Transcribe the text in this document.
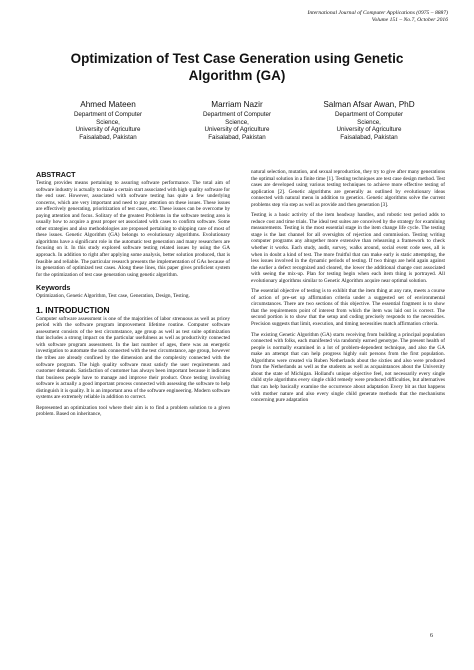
International Journal of Computer Applications (0975 – 8887)
Volume 151 – No.7, October 2016
Optimization of Test Case Generation using Genetic
Algorithm (GA)
Ahmed Mateen
Department of Computer
Science,
University of Agriculture
Faisalabad, Pakistan
Marriam Nazir
Department of Computer
Science,
University of Agriculture
Faisalabad, Pakistan
Salman Afsar Awan, PhD
Department of Computer
Science,
University of Agriculture
Faisalabad, Pakistan
ABSTRACT

Testing provides means pertaining to assuring software performance. The total aim of software industry is actually to make a certain start associated with high quality software for the end user. However, associated with software testing has quite a few underlying concerns, which are very important and need to pay attention on these issues. These issues are effectively generating, prioritization of test cases, etc. These issues can be overcome by paying attention and focus. Solitary of the greatest Problems in the software testing area is usually how to acquire a great proper set associated with cases to confirm software. Some other strategies and also methodologies are proposed pertaining to shipping care of most of these issues. Genetic Algorithm (GA) belongs to evolutionary algorithms. Evolutionary algorithms have a significant role in the automatic test generation and many researchers are focusing on it. In this study explored software testing related issues by using the GA approach. In addition to right after applying some analysis, better solution produced, that is feasible and reliable. The particular research presents the implementation of GAs because of its generation of optimized test cases. Along these lines, this paper gives proficient system for the optimization of test case generation using genetic algorithm.

Keywords

Optimization, Genetic Algorithm, Test case, Generation, Design, Testing.

1. INTRODUCTION

Computer software assessment is one of the majorities of labor strenuous as well as pricey period with the software program improvement lifetime routine. Computer software assessment consists of the test circumstance, age group as well as test suite optimization that includes a strong impact on the particular usefulness as well as productivity connected with software program assessment. In the last number of ages, there was an energetic investigation to automate the task connected with the test circumstance, age group, however the tribes are already confined by the dimension and the complexity connected with the software program. The high quality software must satisfy the user requirements and customer demands. Satisfaction of customer has always been important because it indicates that business people have to manage and improve their product. Once testing involving software is actually a good important process connected with assessing the software to help distinguish it is quality. It is an important area of the software engineering. Modern software systems are extremely reliable in addition to correct.

Represented an optimization tool where their aim is to find a problem solution to a given problem. Based on inheritance,

natural selection, mutation, and sexual reproduction, they try to give after many generations the optimal solution in a finite time [1]. Testing techniques are test case design method. Test cases are developed using various testing techniques to achieve more effective testing of application [2]. Genetic algorithms are generally as outlined by evolutionary ideas connected with natural menu in addition to genetics. Genetic algorithms solve the current problems step via step as well as provide and then generation [3].

Testing is a basic activity of the item headway handles, and robotic test period adds to reduce cost and time trials. The ideal test suites are conceived by the strategy for examining measurements. Testing is the most essential stage in the item change life cycle. The testing stage is the last channel for all oversights of rejection and commission. Testing writing computer programs any altogether more extensive than rehearsing a framework to check whether it works. Each study, audit, survey, walks around, social event code sees, all is when in doubt a kind of test. The more fruitful that can make early is static attempting, the less issues involved in the dynamic periods of testing. If two things are held again against the earlier a defect recognized and cleared, the lower the additional change cost associated with seeing the mix-up. Plan for testing begin when each item thing is portrayed. All evolutionary algorithms similar to Genetic Algorithm acquire near optimal solution.

The essential objective of testing is to exhibit that the item thing at any rate, meets a course of action of pre-set up affirmation criteria under a suggested set of environmental circumstances. There are two sections of this objective. The essential fragment is to show that the requirements point of interest from which the item was laid out is correct. The second portion is to show that the setup and coding precisely responds to the necessities. Precision suggests that limit, execution, and timing necessities match affirmation criteria.

The existing Genetic Algorithm (GA) starts receiving from building a principal population connected with folks, each manifested via randomly earned genotype. The present health of people is normally examined in a lot of problem-dependent technique, and also the GA make an attempt that can help progress highly suit persons from the first population. Algorithms were created via Ruben Netherlands about the sixties and also were produced from the Netherlands as well as the students as well as acquaintances about the University about the state of Michigan. Holland's unique objective feel, not necessarily every single child style algorithms every single child remedy were produced difficulties, but alternatives that can help basically examine the occurrence about adaptation Every bit as that happens with mother nature and also every single child generate methods that the mechanisms concerning pure adaptation

6
